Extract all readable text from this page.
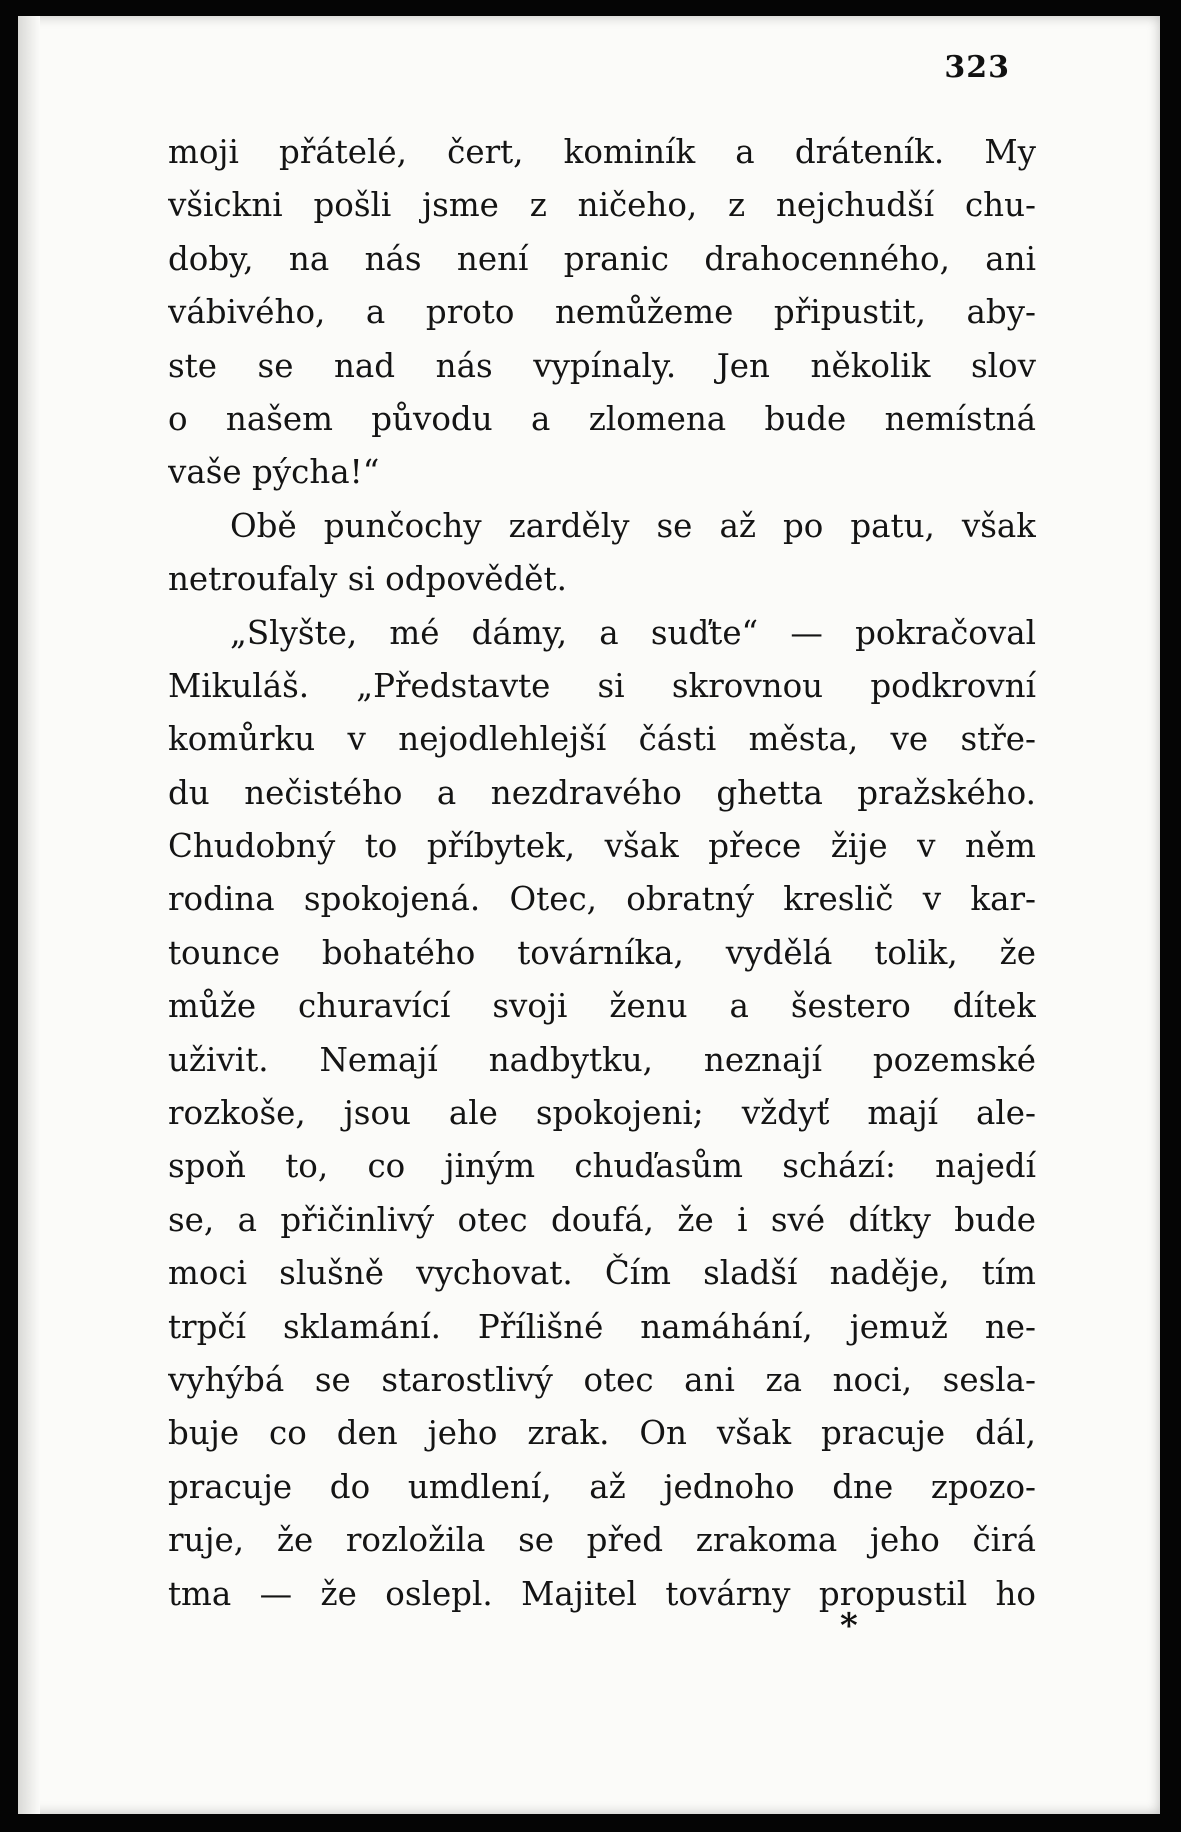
323
moji přátelé, čert, kominík a dráteník. My
všickni pošli jsme z ničeho, z nejchudší chu-
doby, na nás není pranic drahocenného, ani
vábivého, a proto nemůžeme připustit, aby-
ste se nad nás vypínaly. Jen několik slov
o našem původu a zlomena bude nemístná
vaše pýcha!“
Obě punčochy zarděly se až po patu, však
netroufaly si odpovědět.
„Slyšte, mé dámy, a suďte“ — pokračoval
Mikuláš. „Představte si skrovnou podkrovní
komůrku v nejodlehlejší části města, ve stře-
du nečistého a nezdravého ghetta pražského.
Chudobný to příbytek, však přece žije v něm
rodina spokojená. Otec, obratný kreslič v kar-
tounce bohatého továrníka, vydělá tolik, že
může churavící svoji ženu a šestero dítek
uživit. Nemají nadbytku, neznají pozemské
rozkoše, jsou ale spokojeni; vždyť mají ale-
spoň to, co jiným chuďasům schází: najedí
se, a přičinlivý otec doufá, že i své dítky bude
moci slušně vychovat. Čím sladší naděje, tím
trpčí sklamání. Přílišné namáhání, jemuž ne-
vyhýbá se starostlivý otec ani za noci, sesla-
buje co den jeho zrak. On však pracuje dál,
pracuje do umdlení, až jednoho dne zpozo-
ruje, že rozložila se před zrakoma jeho čirá
tma — že oslepl. Majitel továrny propustil ho
*
